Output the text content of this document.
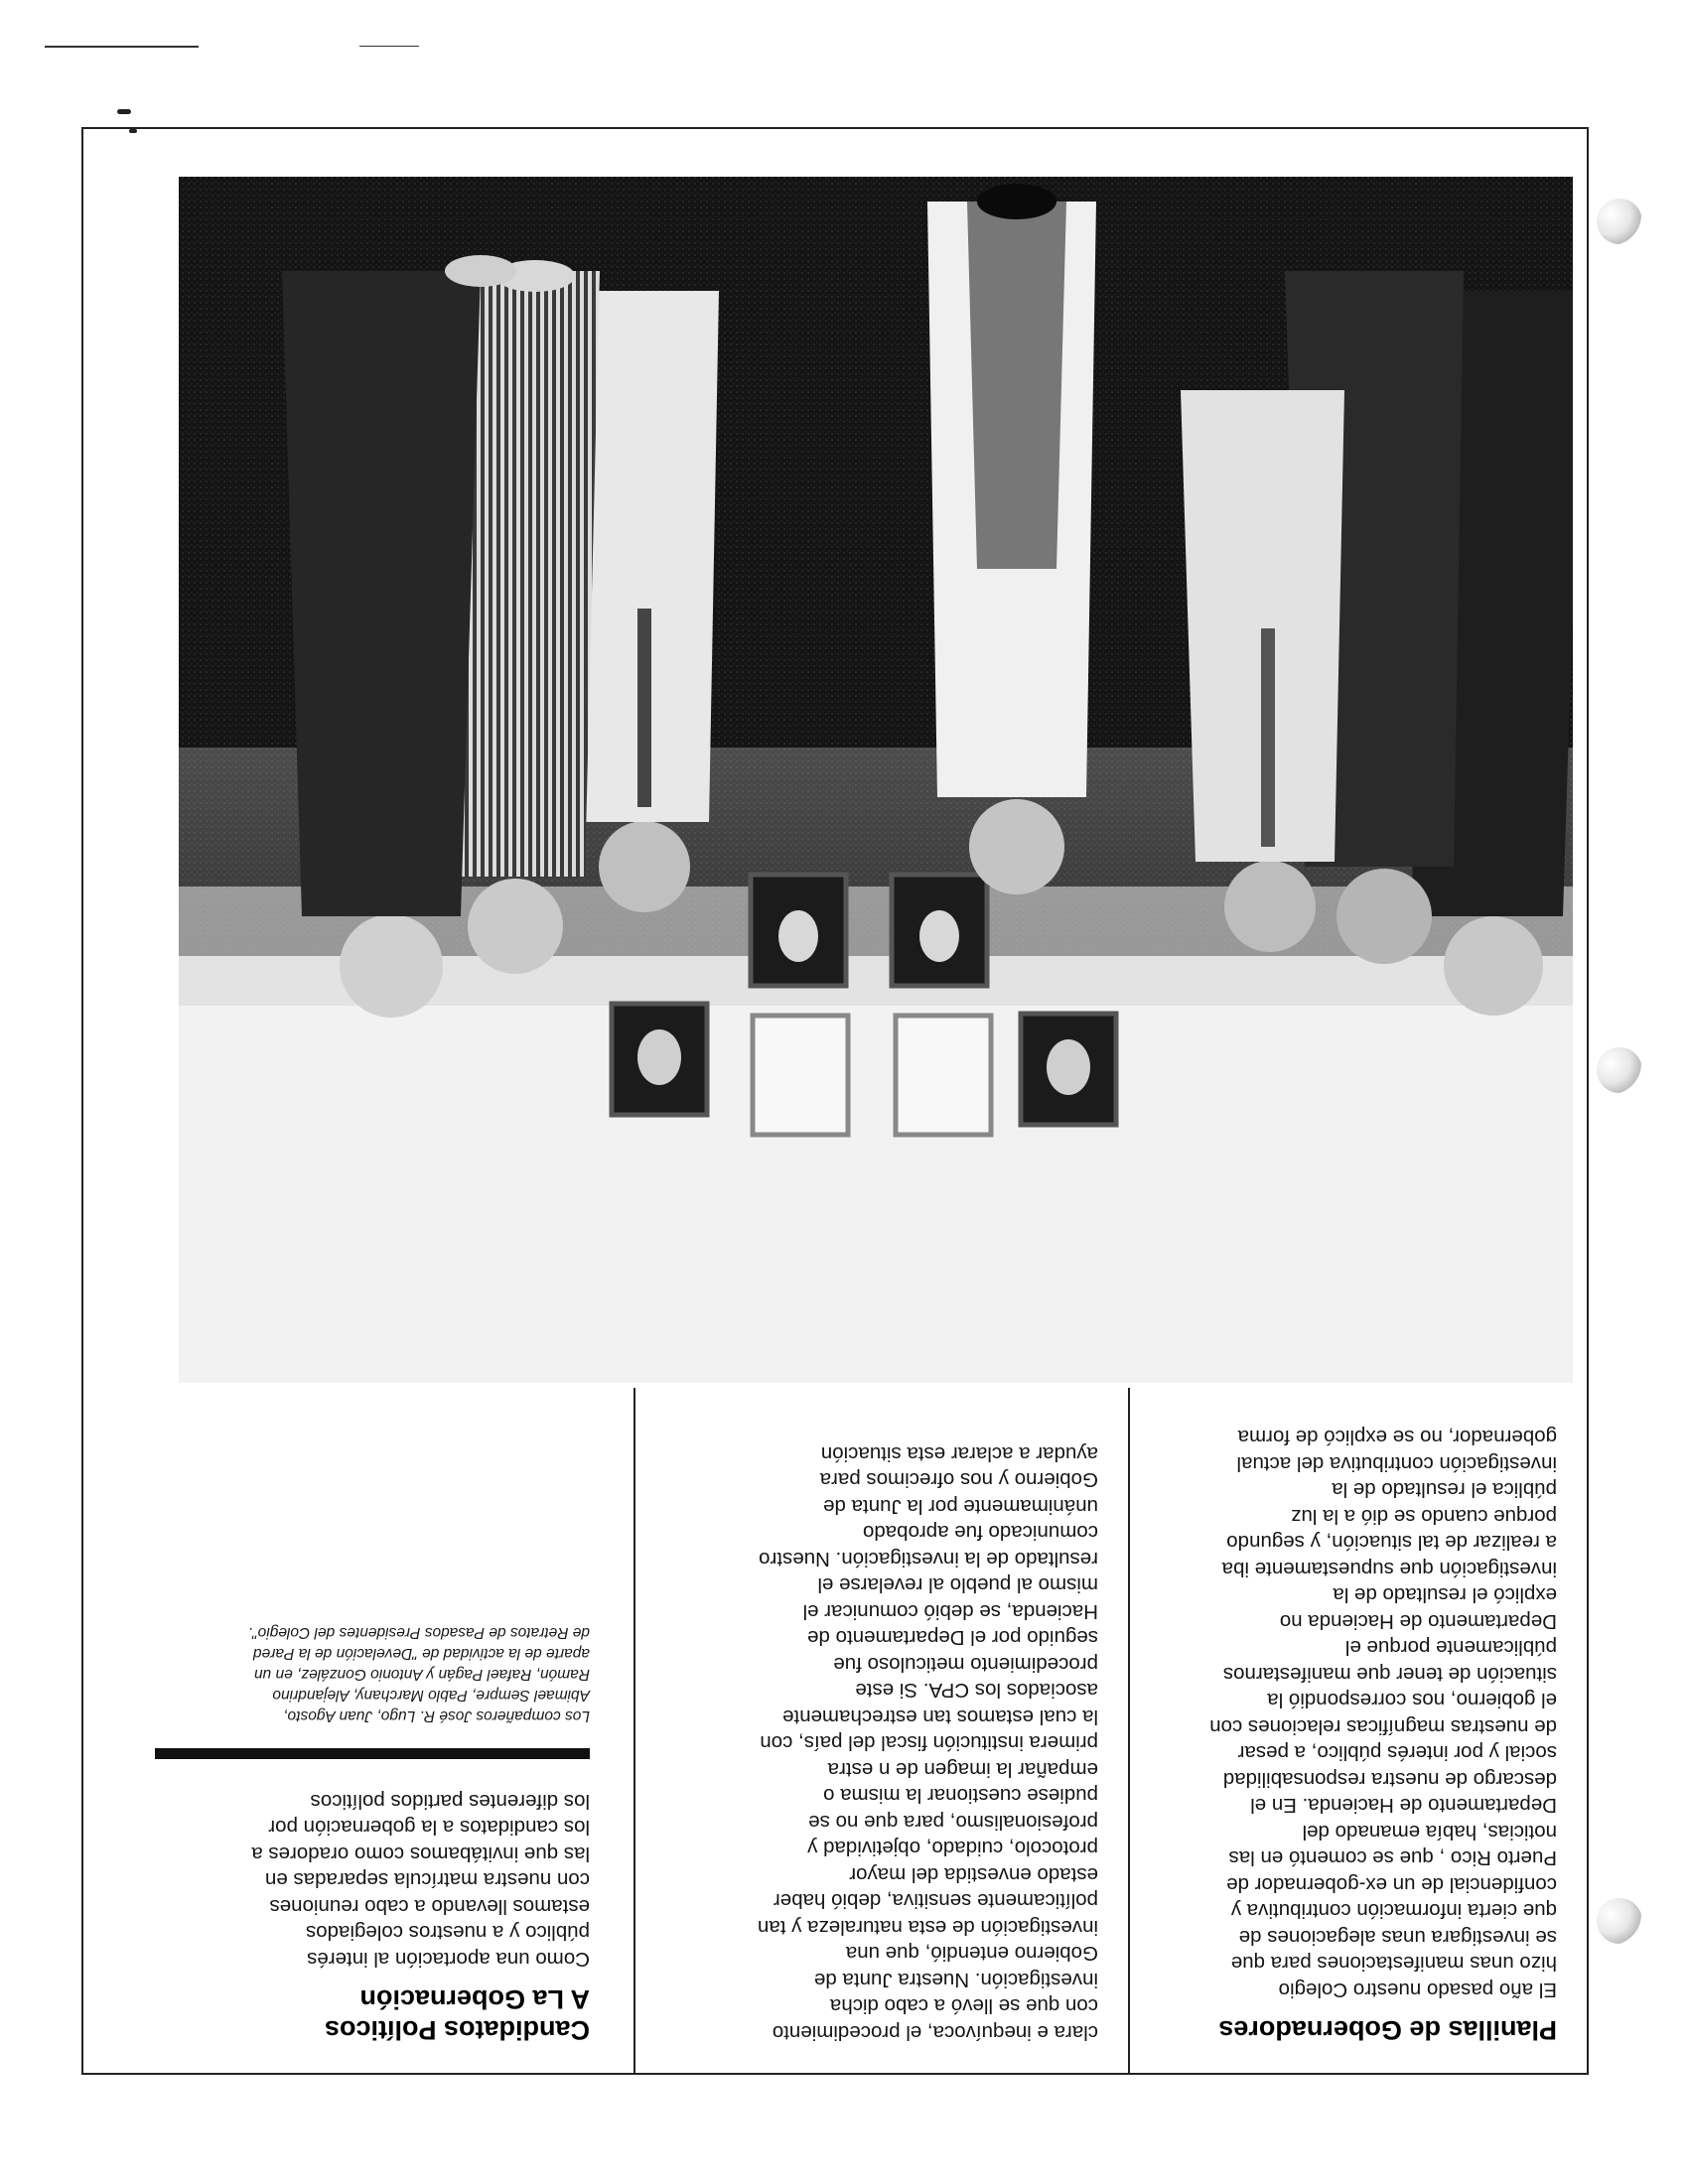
Planillas de Gobernadores

El año pasado nuestro Colegio
hizo unas manifestaciones para que
se investigara unas alegaciones de
que cierta información contributiva y
confidencial de un ex-gobernador de
Puerto Rico , que se comentó en las
noticias, había emanado del
Departamento de Hacienda. En el
descargo de nuestra responsabilidad
social y por interés público, a pesar
de nuestras magníficas relaciones con
el gobierno, nos correspondió la
situación de tener que manifestarnos
públicamente porque el
Departamento de Hacienda no
explicó el resultado de la
investigación que supuestamente iba
a realizar de tal situación, y segundo
porque cuando se dió a la luz
pública el resultado de la
investigación contributiva del actual
gobernador, no se explicó de forma

clara e inequívoca, el procedimiento
con que se llevó a cabo dicha
investigación. Nuestra Junta de
Gobierno entendió, que una
investigación de esta naturaleza y tan
políticamente sensitiva, debió haber
estado envestida del mayor
protocolo, cuidado, objetividad y
profesionalismo, para que no se
pudiese cuestionar la misma o
empañar la imagen de n estra
primera institución fiscal del país, con
la cual estamos tan estrechamente
asociados los CPA. Si este
procedimiento meticuloso fue
seguido por el Departamento de
Hacienda, se debió comunicar el
mismo al pueblo al revelarse el
resultado de la investigación. Nuestro
comunicado fue aprobado
unánimamente por la Junta de
Gobierno y nos ofrecimos para
ayudar a aclarar esta situación

Candidatos Políticos
A La Gobernación

Como una aportación al interés
público y a nuestros colegiados
estamos llevando a cabo reuniones
con nuestra matrícula separadas en
las que invitábamos como oradores a
los candidatos a la gobernación por
los diferentes partidos políticos

Los compañeros José R. Lugo, Juan Agosto,
Abimael Sempre, Pablo Marchany, Alejandrino
Ramón, Rafael Pagán y Antonio González, en un
aparte de la actividad de "Develación de la Pared
de Retratos de Pasados Presidentes del Colegio".
